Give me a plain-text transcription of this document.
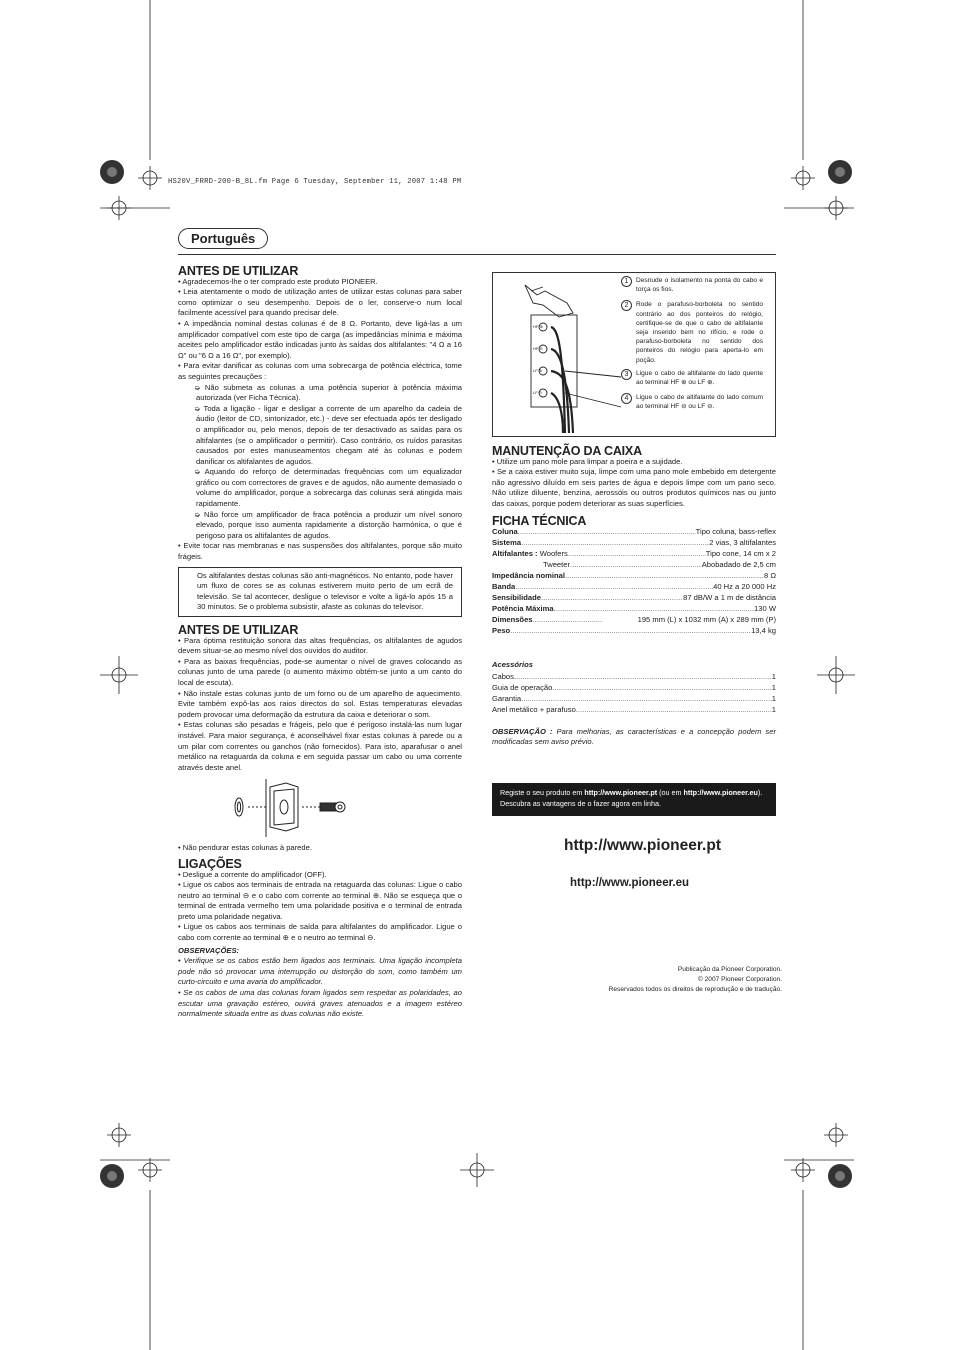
HS20V_FRRD-200-B_8L.fm Page 6 Tuesday, September 11, 2007 1:48 PM
Português
ANTES DE UTILIZAR

• Agradecemos-lhe o ter comprado este produto PIONEER.

• Leia atentamente o modo de utilização antes de utilizar estas colunas para saber como optimizar o seu desempenho. Depois de o ler, conserve-o num local facilmente acessível para quando precisar dele.

• A impedância nominal destas colunas é de 8 Ω. Portanto, deve ligá-las a um amplificador compatível com este tipo de carga (as impedâncias mínima e máxima aceites pelo amplificador estão indicadas junto às saídas dos altifalantes: "4 Ω a 16 Ω" ou "6 Ω a 16 Ω", por exemplo).

• Para evitar danificar as colunas com uma sobrecarga de potência eléctrica, tome as seguintes precauções :

➭ Não submeta as colunas a uma potência superior à potência máxima autorizada (ver Ficha Técnica).

➭ Toda a ligação - ligar e desligar a corrente de um aparelho da cadeia de áudio (leitor de CD, sintonizador, etc.) - deve ser efectuada após ter desligado o amplificador ou, pelo menos, depois de ter desactivado as saídas para os altifalantes (se o amplificador o permitir). Caso contrário, os ruídos parasitas causados por estes manuseamentos chegam até às colunas e podem danificar os altifalantes de agudos.

➭ Aquando do reforço de determinadas frequências com um equalizador gráfico ou com correctores de graves e de agudos, não aumente demasiado o volume do amplificador, porque a sobrecarga das colunas será atingida mais rapidamente.

➭ Não force um amplificador de fraca potência a produzir um nível sonoro elevado, porque isso aumenta rapidamente a distorção harmónica, o que é perigoso para os altifalantes de agudos.

• Evite tocar nas membranas e nas suspensões dos altifalantes, porque são muito frágeis.

Os altifalantes destas colunas são anti-magnéticos. No entanto, pode haver um fluxo de cores se as colunas estiverem muito perto de um ecrã de televisão. Se tal acontecer, desligue o televisor e volte a ligá-lo após 15 a 30 minutos. Se o problema subsistir, afaste as colunas do televisor.
ANTES DE UTILIZAR

• Para óptima restituição sonora das altas frequências, os altifalantes de agudos devem situar-se ao mesmo nível dos ouvidos do auditor.

• Para as baixas frequências, pode-se aumentar o nível de graves colocando as colunas junto de uma parede (o aumento máximo obtém-se junto a um canto do local de escuta).

• Não instale estas colunas junto de um forno ou de um aparelho de aquecimento. Evite também expô-las aos raios directos do sol. Estas temperaturas elevadas podem provocar uma deformação da estrutura da caixa e deteriorar o som.

• Estas colunas são pesadas e frágeis, pelo que é perigoso instalá-las num lugar instável. Para maior segurança, é aconselhável fixar estas colunas à parede ou a um pilar com correntes ou ganchos (não fornecidos). Para isto, aparafusar o anel metálico na retaguarda da coluna e em seguida passar um cabo ou uma corrente através deste anel.

• Não pendurar estas colunas à parede.

LIGAÇÕES

• Desligue a corrente do amplificador (OFF).

• Ligue os cabos aos terminais de entrada na retaguarda das colunas: Ligue o cabo neutro ao terminal ⊖ e o cabo com corrente ao terminal ⊕. Não se esqueça que o terminal de entrada vermelho tem uma polaridade positiva e o terminal de entrada preto uma polaridade negativa.

• Ligue os cabos aos terminais de saída para altifalantes do amplificador. Ligue o cabo com corrente ao terminal ⊕ e o neutro ao terminal ⊖.

OBSERVAÇÕES:

• Verifique se os cabos estão bem ligados aos terminais. Uma ligação incompleta pode não só provocar uma interrupção ou distorção do som, como também um curto-circuito e uma avaria do amplificador.

• Se os cabos de uma das colunas foram ligados sem respeitar as polaridades, ao escutar uma gravação estéreo, ouvirá graves atenuados e a imagem estéreo normalmente situada entre as duas colunas não existe.

HF ⊕
HF ⊖
LF ⊕
LF ⊖
1	Desnude o isolamento na ponta do cabo e torça os fios.
2	Rode o parafuso-borboleta no sentido contrário ao dos ponteiros do relógio, certifique-se de que o cabo de altifalante seja inserido bem no rifício, e rode o parafuso-borboleta no sentido dos ponteiros do relógio para aperta-lo em poção.
3	Ligue o cabo de altifalante do lado quente ao terminal HF ⊕ ou LF ⊕.
4	Ligue o cabo de altifalante do lado comum ao terminal HF ⊖ ou LF ⊖.
MANUTENÇÃO DA CAIXA

• Utilize um pano mole para limpar a poeira e a sujidade.

• Se a caixa estiver muito suja, limpe com uma pano mole embebido em detergente não agressivo diluído em seis partes de água e depois limpe com um pano seco. Não utilize diluente, benzina, aerossóis ou outros produtos químicos nas ou junto das caixas, porque podem deteriorar as suas superfícies.

FICHA TÉCNICA
Coluna .....	Tipo coluna, bass-reflex
Sistema .....	2 vias, 3 altifalantes
Altifalantes :
Woofers .....	Tipo cone, 14 cm x 2
Tweeter .....	Abobadado de 2,5 cm
Impedância nominal .....	8 Ω
Banda .....	40 Hz a 20 000 Hz
Sensibilidade .....	87 dB/W a 1 m de distância
Potência Máxima .....	130 W
Dimensões .....	195 mm (L) x 1032 mm (A) x 289 mm (P)
Peso .....	13,4 kg

Acessórios

Cabos .....	1
Guia de operação .....	1
Garantia .....	1
Anel metálico + parafuso .....	1

OBSERVAÇÃO : Para melhorias, as características e a concepção podem ser modificadas sem aviso prévio.

Registe o seu produto em http://www.pioneer.pt (ou em http://www.pioneer.eu).
Descubra as vantagens de o fazer agora em linha.
http://www.pioneer.pt
http://www.pioneer.eu
Publicação da Pioneer Corporation.
© 2007 Pioneer Corporation.
Reservados todos os direitos de reprodução e de tradução.
